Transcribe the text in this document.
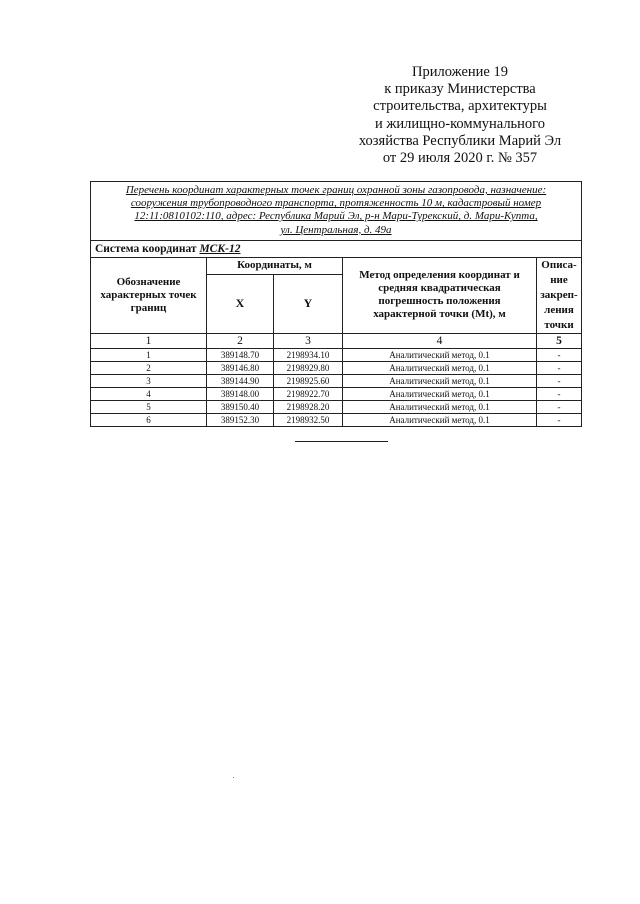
Приложение 19
к приказу Министерства
строительства, архитектуры
и жилищно-коммунального
хозяйства Республики Марий Эл
от 29 июля 2020 г. № 357
Перечень координат характерных точек границ охранной зоны газопровода, назначение:
сооружения трубопроводного транспорта, протяженность 10 м, кадастровый номер
12:11:0810102:110, адрес: Республика Марий Эл, р-н Мари-Турекский, д. Мари-Купта,
ул. Центральная, д. 49а				

Система координат МСК-12				
Обозначение характерных точек границ	Координаты, м		Метод определения координат и средняя квадратическая погрешность положения характерной точки (Mt), м	Описа-ние закреп-ления точки
	X	Y		
1	2	3	4	5
1	389148.70	2198934.10	Аналитический метод, 0.1	-
2	389146.80	2198929.80	Аналитический метод, 0.1	-
3	389144.90	2198925.60	Аналитический метод, 0.1	-
4	389148.00	2198922.70	Аналитический метод, 0.1	-
5	389150.40	2198928.20	Аналитический метод, 0.1	-
6	389152.30	2198932.50	Аналитический метод, 0.1	-
